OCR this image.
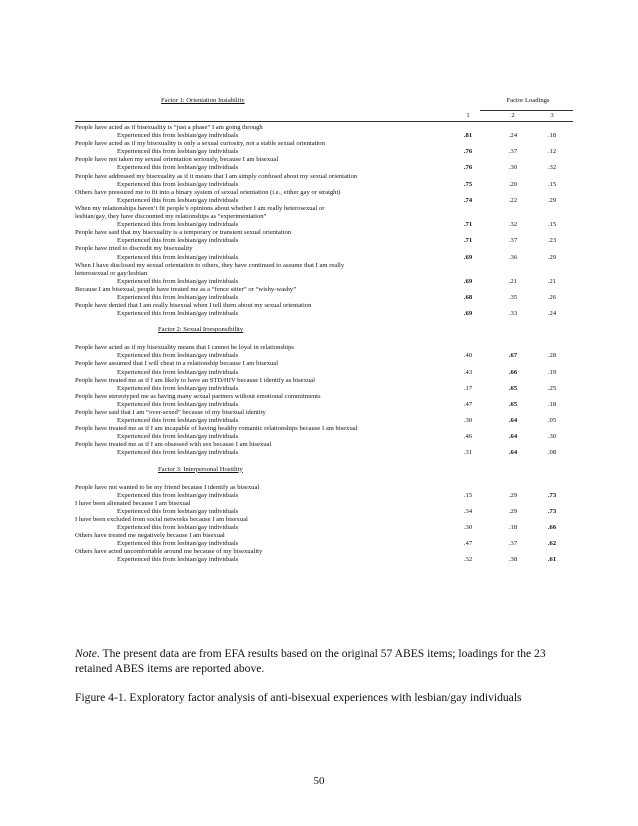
Factor 1: Orientation Instability	Factor Loadings
1	2	3
People have acted as if bisexuality is “just a phase” I am going through
Experienced this from lesbian/gay individuals	.81	.24	.18
People have acted as if my bisexuality is only a sexual curiosity, not a stable sexual orientation
Experienced this from lesbian/gay individuals	.76	.37	.12
People have not taken my sexual orientation seriously, because I am bisexual
Experienced this from lesbian/gay individuals	.76	.30	.32
People have addressed my bisexuality as if it means that I am simply confused about my sexual orientation
Experienced this from lesbian/gay individuals	.75	.20	.15
Others have pressured me to fit into a binary system of sexual orientation (i.e., either gay or straight)
Experienced this from lesbian/gay individuals	.74	.22	.29
When my relationships haven’t fit people’s opinions about whether I am really heterosexual or
lesbian/gay, they have discounted my relationships as “experimentation”
Experienced this from lesbian/gay individuals	.71	.32	.15
People have said that my bisexuality is a temporary or transient sexual orientation
Experienced this from lesbian/gay individuals	.71	.37	.23
People have tried to discredit my bisexuality
Experienced this from lesbian/gay individuals	.69	.36	.29
When I have disclosed my sexual orientation to others, they have continued to assume that I am really
heterosexual or gay/lesbian
Experienced this from lesbian/gay individuals	.69	.21	.21
Because I am bisexual, people have treated me as a “fence sitter” or “wishy-washy”
Experienced this from lesbian/gay individuals	.68	.35	.26
People have denied that I am really bisexual when I tell them about my sexual orientation
Experienced this from lesbian/gay individuals	.69	.33	.24
Factor 2: Sexual Irresponsibility
People have acted as if my bisexuality means that I cannot be loyal in relationships
Experienced this from lesbian/gay individuals	.40	.67	.28
People have assumed that I will cheat in a relationship because I am bisexual
Experienced this from lesbian/gay individuals	.43	.66	.19
People have treated me as if I am likely to have an STD/HIV because I identify as bisexual
Experienced this from lesbian/gay individuals	.17	.65	.25
People have stereotyped me as having many sexual partners without emotional commitments
Experienced this from lesbian/gay individuals	.47	.65	.18
People have said that I am “over-sexed” because of my bisexual identity
Experienced this from lesbian/gay individuals	.30	.64	.05
People have treated me as if I am incapable of having healthy romantic relationships because I am bisexual
Experienced this from lesbian/gay individuals	.46	.64	.30
People have treated me as if I am obsessed with sex because I am bisexual
Experienced this from lesbian/gay individuals	.31	.64	.08
Factor 3: Interpersonal Hostility
People have not wanted to be my friend because I identify as bisexual
Experienced this from lesbian/gay individuals	.15	.29	.73
I have been alienated because I am bisexual
Experienced this from lesbian/gay individuals	.34	.29	.73
I have been excluded from social networks because I am bisexual
Experienced this from lesbian/gay individuals	.30	.18	.66
Others have treated me negatively because I am bisexual
Experienced this from lesbian/gay individuals	.47	.37	.62
Others have acted uncomfortable around me because of my bisexuality
Experienced this from lesbian/gay individuals	.32	.38	.61
Note. The present data are from EFA results based on the original 57 ABES items; loadings for the 23 retained ABES items are reported above.
Figure 4-1. Exploratory factor analysis of anti-bisexual experiences with lesbian/gay individuals
50
